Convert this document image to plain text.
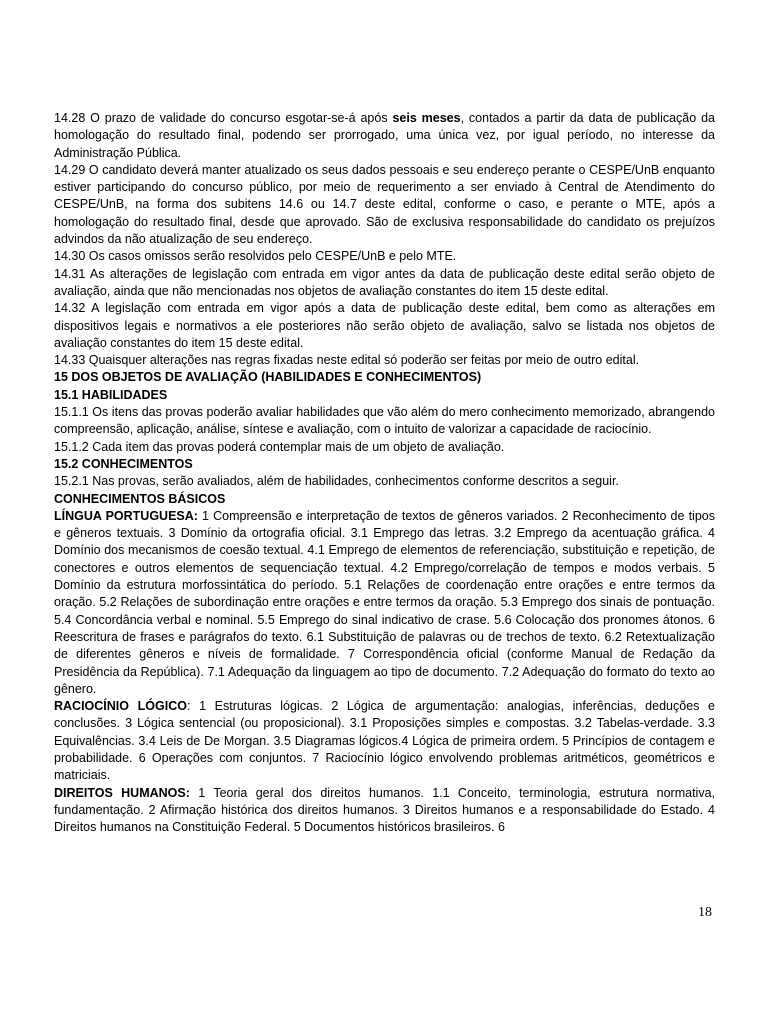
14.28 O prazo de validade do concurso esgotar-se-á após seis meses, contados a partir da data de publicação da homologação do resultado final, podendo ser prorrogado, uma única vez, por igual período, no interesse da Administração Pública.

14.29 O candidato deverá manter atualizado os seus dados pessoais e seu endereço perante o CESPE/UnB enquanto estiver participando do concurso público, por meio de requerimento a ser enviado à Central de Atendimento do CESPE/UnB, na forma dos subitens 14.6 ou 14.7 deste edital, conforme o caso, e perante o MTE, após a homologação do resultado final, desde que aprovado. São de exclusiva responsabilidade do candidato os prejuízos advindos da não atualização de seu endereço.

14.30 Os casos omissos serão resolvidos pelo CESPE/UnB e pelo MTE.

14.31 As alterações de legislação com entrada em vigor antes da data de publicação deste edital serão objeto de avaliação, ainda que não mencionadas nos objetos de avaliação constantes do item 15 deste edital.

14.32 A legislação com entrada em vigor após a data de publicação deste edital, bem como as alterações em dispositivos legais e normativos a ele posteriores não serão objeto de avaliação, salvo se listada nos objetos de avaliação constantes do item 15 deste edital.

14.33 Quaisquer alterações nas regras fixadas neste edital só poderão ser feitas por meio de outro edital.

15 DOS OBJETOS DE AVALIAÇÃO (HABILIDADES E CONHECIMENTOS)

15.1 HABILIDADES

15.1.1 Os itens das provas poderão avaliar habilidades que vão além do mero conhecimento memorizado, abrangendo compreensão, aplicação, análise, síntese e avaliação, com o intuito de valorizar a capacidade de raciocínio.

15.1.2 Cada item das provas poderá contemplar mais de um objeto de avaliação.

15.2 CONHECIMENTOS

15.2.1 Nas provas, serão avaliados, além de habilidades, conhecimentos conforme descritos a seguir.

CONHECIMENTOS BÁSICOS

LÍNGUA PORTUGUESA: 1 Compreensão e interpretação de textos de gêneros variados. 2 Reconhecimento de tipos e gêneros textuais. 3 Domínio da ortografia oficial. 3.1 Emprego das letras. 3.2 Emprego da acentuação gráfica. 4 Domínio dos mecanismos de coesão textual. 4.1 Emprego de elementos de referenciação, substituição e repetição, de conectores e outros elementos de sequenciação textual. 4.2 Emprego/correlação de tempos e modos verbais. 5 Domínio da estrutura morfossintática do período. 5.1 Relações de coordenação entre orações e entre termos da oração. 5.2 Relações de subordinação entre orações e entre termos da oração. 5.3 Emprego dos sinais de pontuação. 5.4 Concordância verbal e nominal. 5.5 Emprego do sinal indicativo de crase. 5.6 Colocação dos pronomes átonos. 6 Reescritura de frases e parágrafos do texto. 6.1 Substituição de palavras ou de trechos de texto. 6.2 Retextualização de diferentes gêneros e níveis de formalidade. 7 Correspondência oficial (conforme Manual de Redação da Presidência da República). 7.1 Adequação da linguagem ao tipo de documento. 7.2 Adequação do formato do texto ao gênero.

RACIOCÍNIO LÓGICO: 1 Estruturas lógicas. 2 Lógica de argumentação: analogias, inferências, deduções e conclusões. 3 Lógica sentencial (ou proposicional). 3.1 Proposições simples e compostas. 3.2 Tabelas-verdade. 3.3 Equivalências. 3.4 Leis de De Morgan. 3.5 Diagramas lógicos.4 Lógica de primeira ordem. 5 Princípios de contagem e probabilidade. 6 Operações com conjuntos. 7 Raciocínio lógico envolvendo problemas aritméticos, geométricos e matriciais.

DIREITOS HUMANOS: 1 Teoria geral dos direitos humanos. 1.1 Conceito, terminologia, estrutura normativa, fundamentação. 2 Afirmação histórica dos direitos humanos. 3 Direitos humanos e a responsabilidade do Estado. 4 Direitos humanos na Constituição Federal. 5 Documentos históricos brasileiros. 6

18
